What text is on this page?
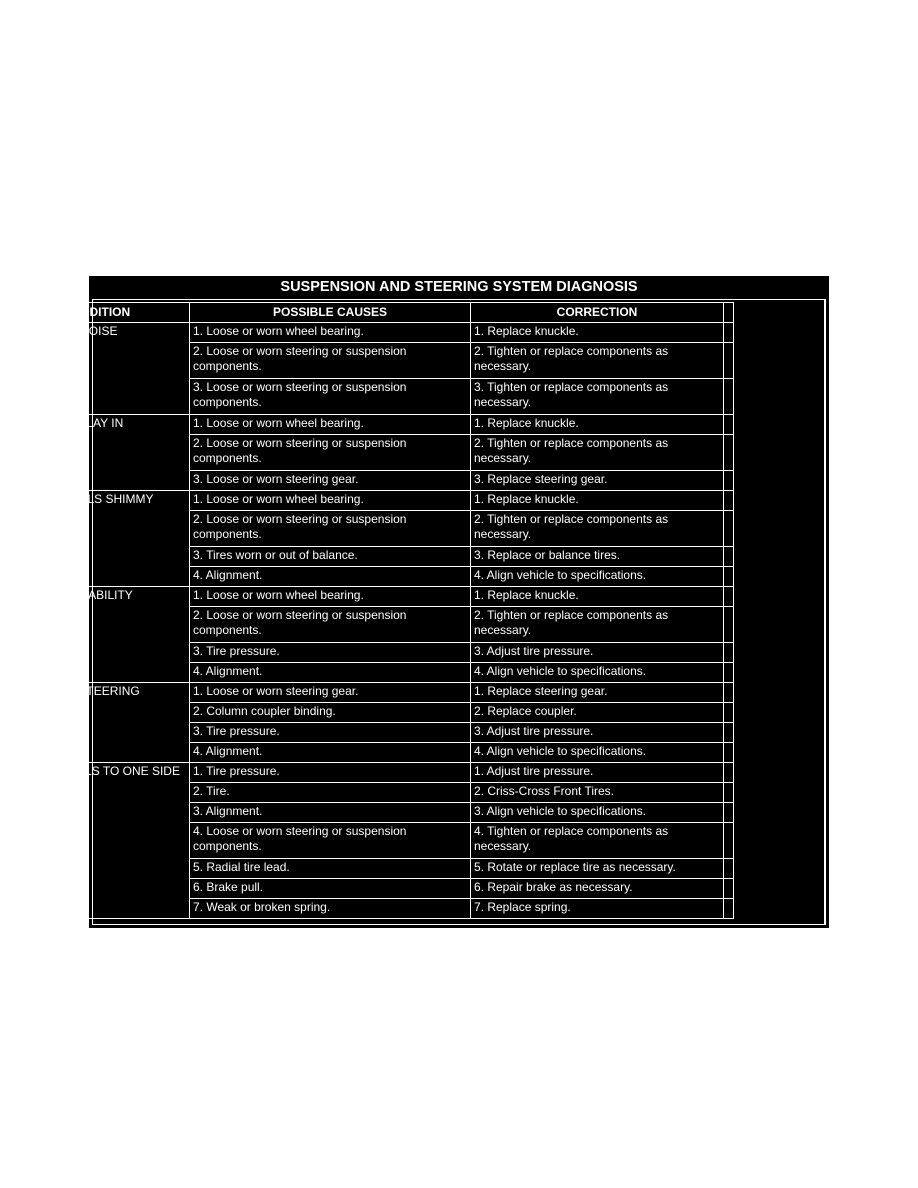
SUSPENSION AND STEERING SYSTEM DIAGNOSIS
CONDITION	POSSIBLE CAUSES	CORRECTION	
FRONT END NOISE	1. Loose or worn wheel bearing.	1. Replace knuckle.	
	2. Loose or worn steering or suspension components.	2. Tighten or replace components as necessary.	
	3. Loose or worn steering or suspension components.	3. Tighten or replace components as necessary.	
EXCESSIVE PLAY IN STEERING	1. Loose or worn wheel bearing.	1. Replace knuckle.	
	2. Loose or worn steering or suspension components.	2. Tighten or replace components as necessary.	
	3. Loose or worn steering gear.	3. Replace steering gear.	
FRONT WHEELS SHIMMY	1. Loose or worn wheel bearing.	1. Replace knuckle.	
	2. Loose or worn steering or suspension components.	2. Tighten or replace components as necessary.	
	3. Tires worn or out of balance.	3. Replace or balance tires.	
	4. Alignment.	4. Align vehicle to specifications.	
VEHICLE INSTABILITY	1. Loose or worn wheel bearing.	1. Replace knuckle.	
	2. Loose or worn steering or suspension components.	2. Tighten or replace components as necessary.	
	3. Tire pressure.	3. Adjust tire pressure.	
	4. Alignment.	4. Align vehicle to specifications.	
EXCESSIVE STEERING EFFORT	1. Loose or worn steering gear.	1. Replace steering gear.	
	2. Column coupler binding.	2. Replace coupler.	
	3. Tire pressure.	3. Adjust tire pressure.	
	4. Alignment.	4. Align vehicle to specifications.	
VEHICLE PULLS TO ONE SIDE	1. Tire pressure.	1. Adjust tire pressure.	
	2. Tire.	2. Criss-Cross Front Tires.	
	3. Alignment.	3. Align vehicle to specifications.	
	4. Loose or worn steering or suspension components.	4. Tighten or replace components as necessary.	
	5. Radial tire lead.	5. Rotate or replace tire as necessary.	
	6. Brake pull.	6. Repair brake as necessary.	
	7. Weak or broken spring.	7. Replace spring.	
